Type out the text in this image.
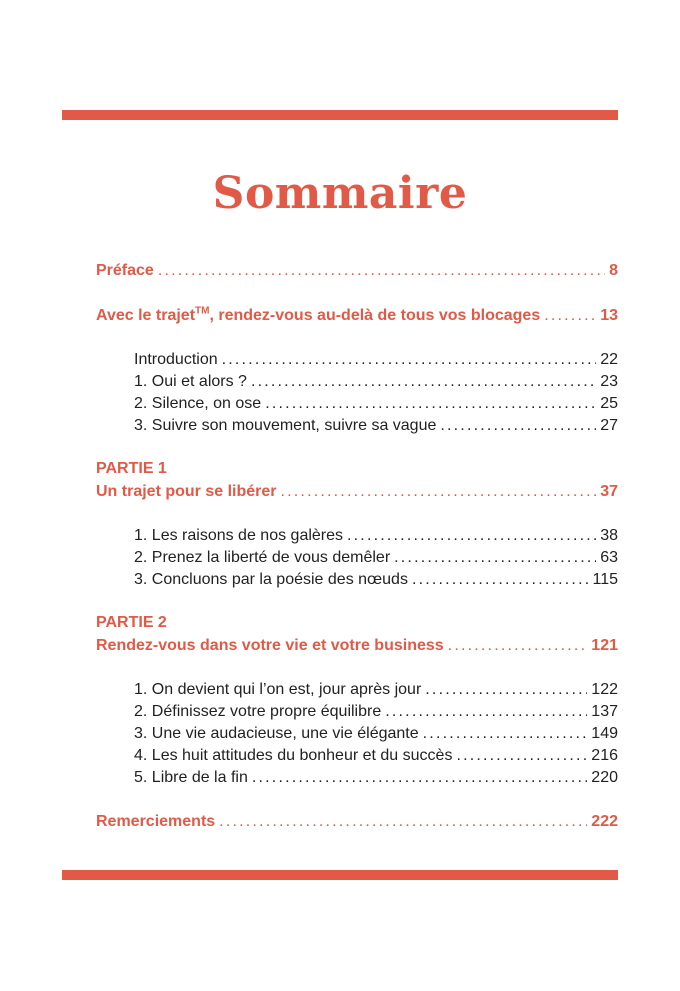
Sommaire
Préface .....	8
Avec le trajet™, rendez-vous au-delà de tous vos blocages .....	13
Introduction .....	22
1. Oui et alors ? .....	23
2. Silence, on ose .....	25
3. Suivre son mouvement, suivre sa vague .....	27
PARTIE 1
Un trajet pour se libérer .....	37
1. Les raisons de nos galères .....	38
2. Prenez la liberté de vous demêler .....	63
3. Concluons par la poésie des nœuds .....	115
PARTIE 2
Rendez-vous dans votre vie et votre business .....	121
1. On devient qui l’on est, jour après jour .....	122
2. Définissez votre propre équilibre .....	137
3. Une vie audacieuse, une vie élégante .....	149
4. Les huit attitudes du bonheur et du succès .....	216
5. Libre de la fin .....	220
Remerciements .....	222
